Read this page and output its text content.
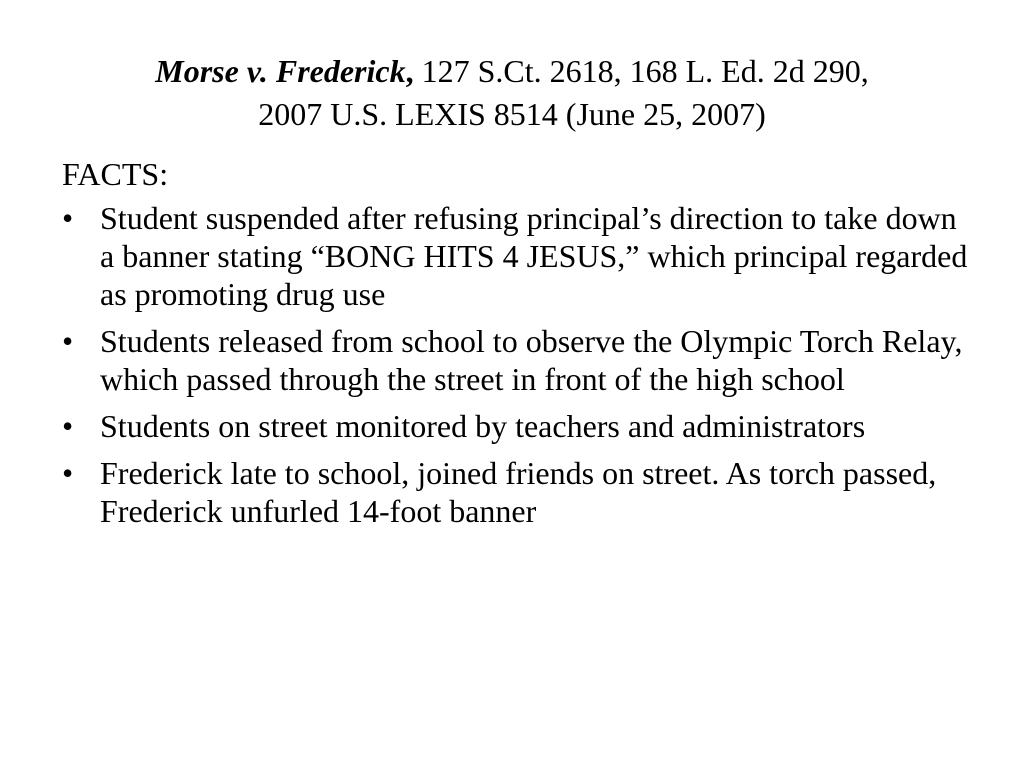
Morse v. Frederick, 127 S.Ct. 2618, 168 L. Ed. 2d 290,
2007 U.S. LEXIS 8514 (June 25, 2007)
FACTS:
• Student suspended after refusing principal’s direction to take down a banner stating “BONG HITS 4 JESUS,” which principal regarded as promoting drug use
• Students released from school to observe the Olympic Torch Relay, which passed through the street in front of the high school
• Students on street monitored by teachers and administrators
• Frederick late to school, joined friends on street. As torch passed, Frederick unfurled 14-foot banner
